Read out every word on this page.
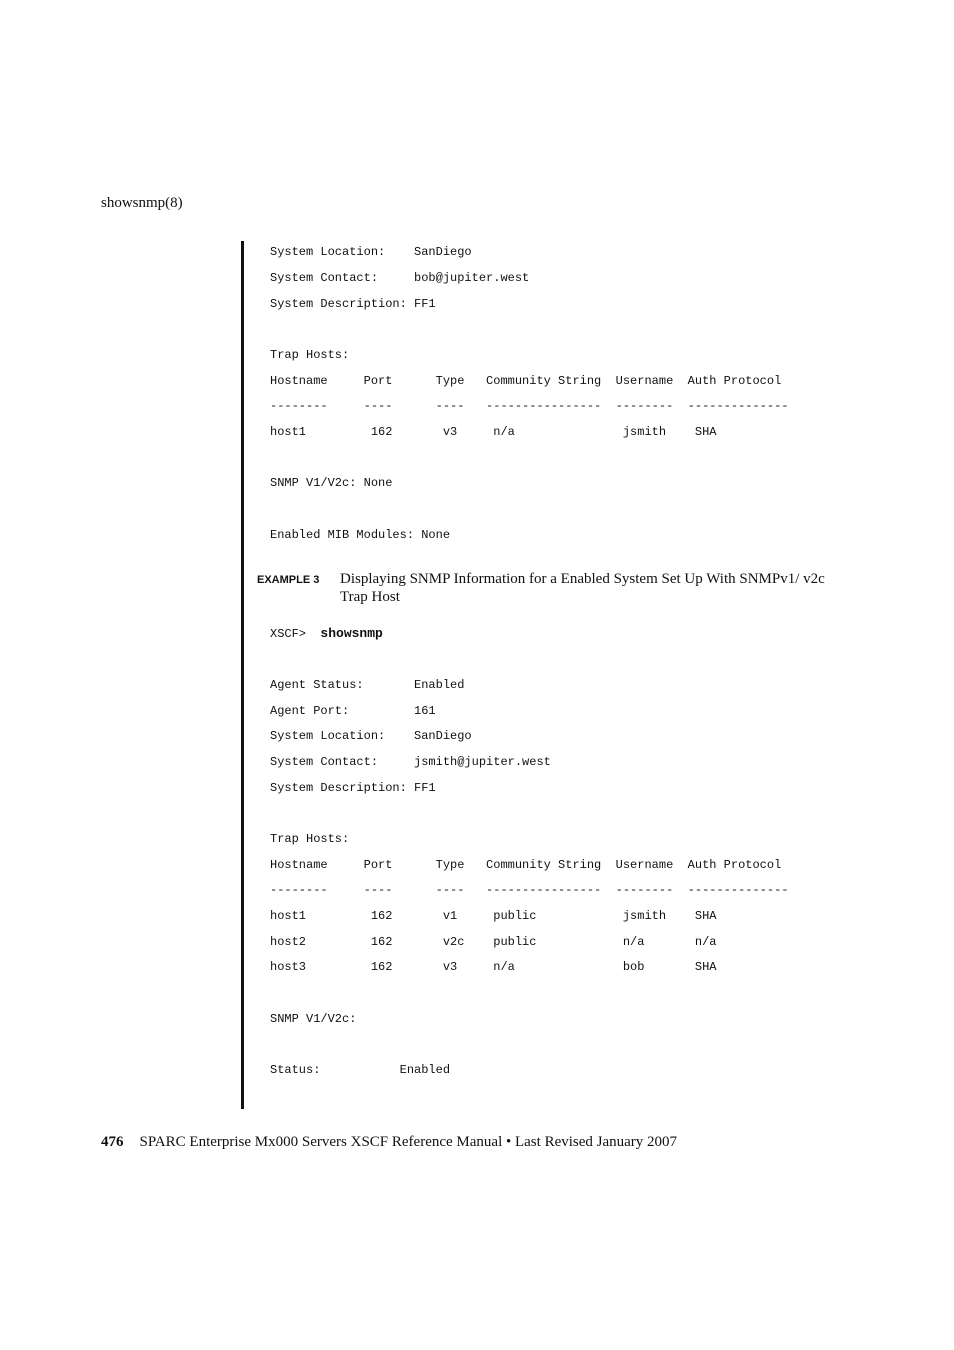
showsnmp(8)
System Location:    SanDiego
System Contact:     bob@jupiter.west
System Description: FF1
Trap Hosts:
Hostname     Port      Type   Community String  Username  Auth Protocol
--------     ----      ----   ----------------  --------  --------------
host1         162       v3     n/a               jsmith    SHA
SNMP V1/V2c: None
Enabled MIB Modules: None
EXAMPLE 3 Displaying SNMP Information for a Enabled System Set Up With SNMPv1/ v2c Trap Host
XSCF>  showsnmp
Agent Status:       Enabled
Agent Port:         161
System Location:    SanDiego
System Contact:     jsmith@jupiter.west
System Description: FF1
Trap Hosts:
Hostname     Port      Type   Community String  Username  Auth Protocol
--------     ----      ----   ----------------  --------  --------------
host1         162       v1     public            jsmith    SHA
host2         162       v2c    public            n/a       n/a
host3         162       v3     n/a               bob       SHA
SNMP V1/V2c:
Status:           Enabled
476 SPARC Enterprise Mx000 Servers XSCF Reference Manual • Last Revised January 2007
